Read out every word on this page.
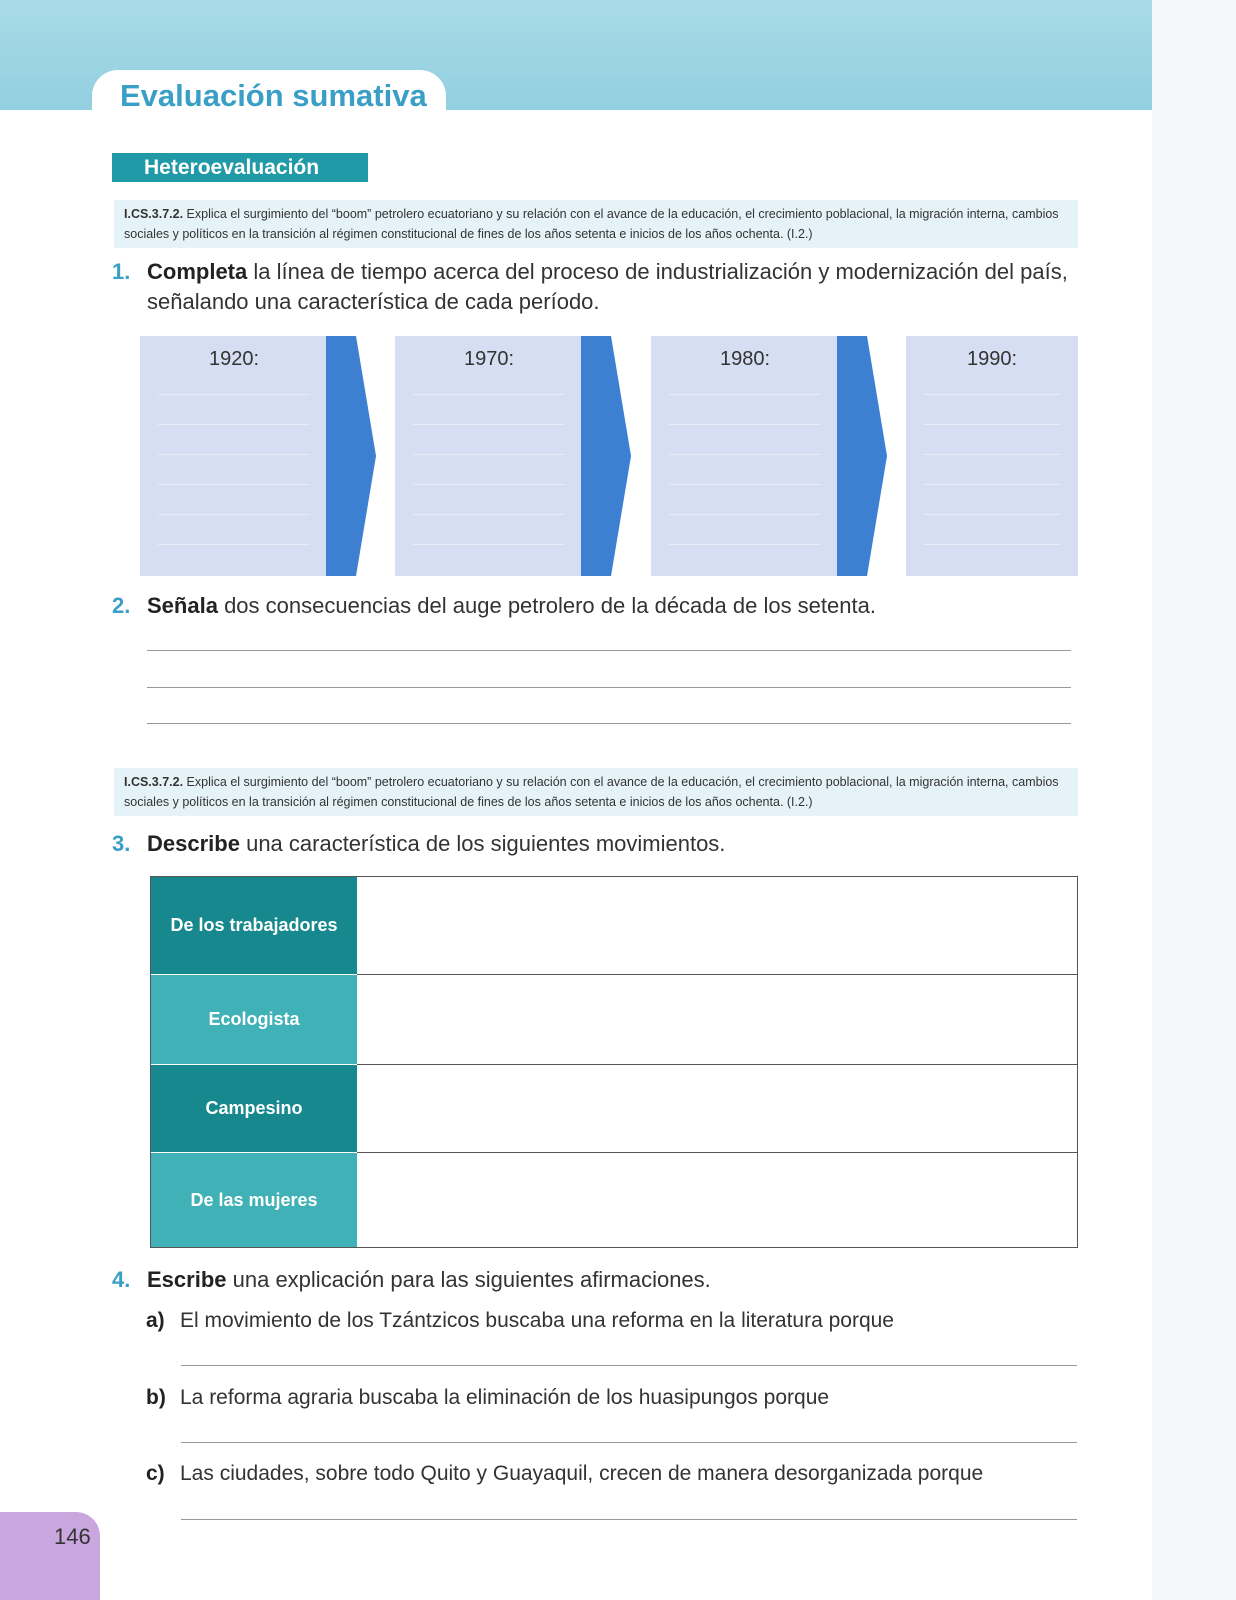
Evaluación sumativa
Heteroevaluación
I.CS.3.7.2. Explica el surgimiento del “boom” petrolero ecuatoriano y su relación con el avance de la educación, el crecimiento poblacional, la migración interna, cambios sociales y políticos en la transición al régimen constitucional de fines de los años setenta e inicios de los años ochenta. (I.2.)
1. Completa la línea de tiempo acerca del proceso de industrialización y modernización del país, señalando una característica de cada período.
1920:	1970:	1980:	1990:
2. Señala dos consecuencias del auge petrolero de la década de los setenta.
I.CS.3.7.2. Explica el surgimiento del “boom” petrolero ecuatoriano y su relación con el avance de la educación, el crecimiento poblacional, la migración interna, cambios sociales y políticos en la transición al régimen constitucional de fines de los años setenta e inicios de los años ochenta. (I.2.)
3. Describe una característica de los siguientes movimientos.
De los trabajadores
Ecologista
Campesino
De las mujeres
4. Escribe una explicación para las siguientes afirmaciones.
a) El movimiento de los Tzántzicos buscaba una reforma en la literatura porque
b) La reforma agraria buscaba la eliminación de los huasipungos porque
c) Las ciudades, sobre todo Quito y Guayaquil, crecen de manera desorganizada porque
146
